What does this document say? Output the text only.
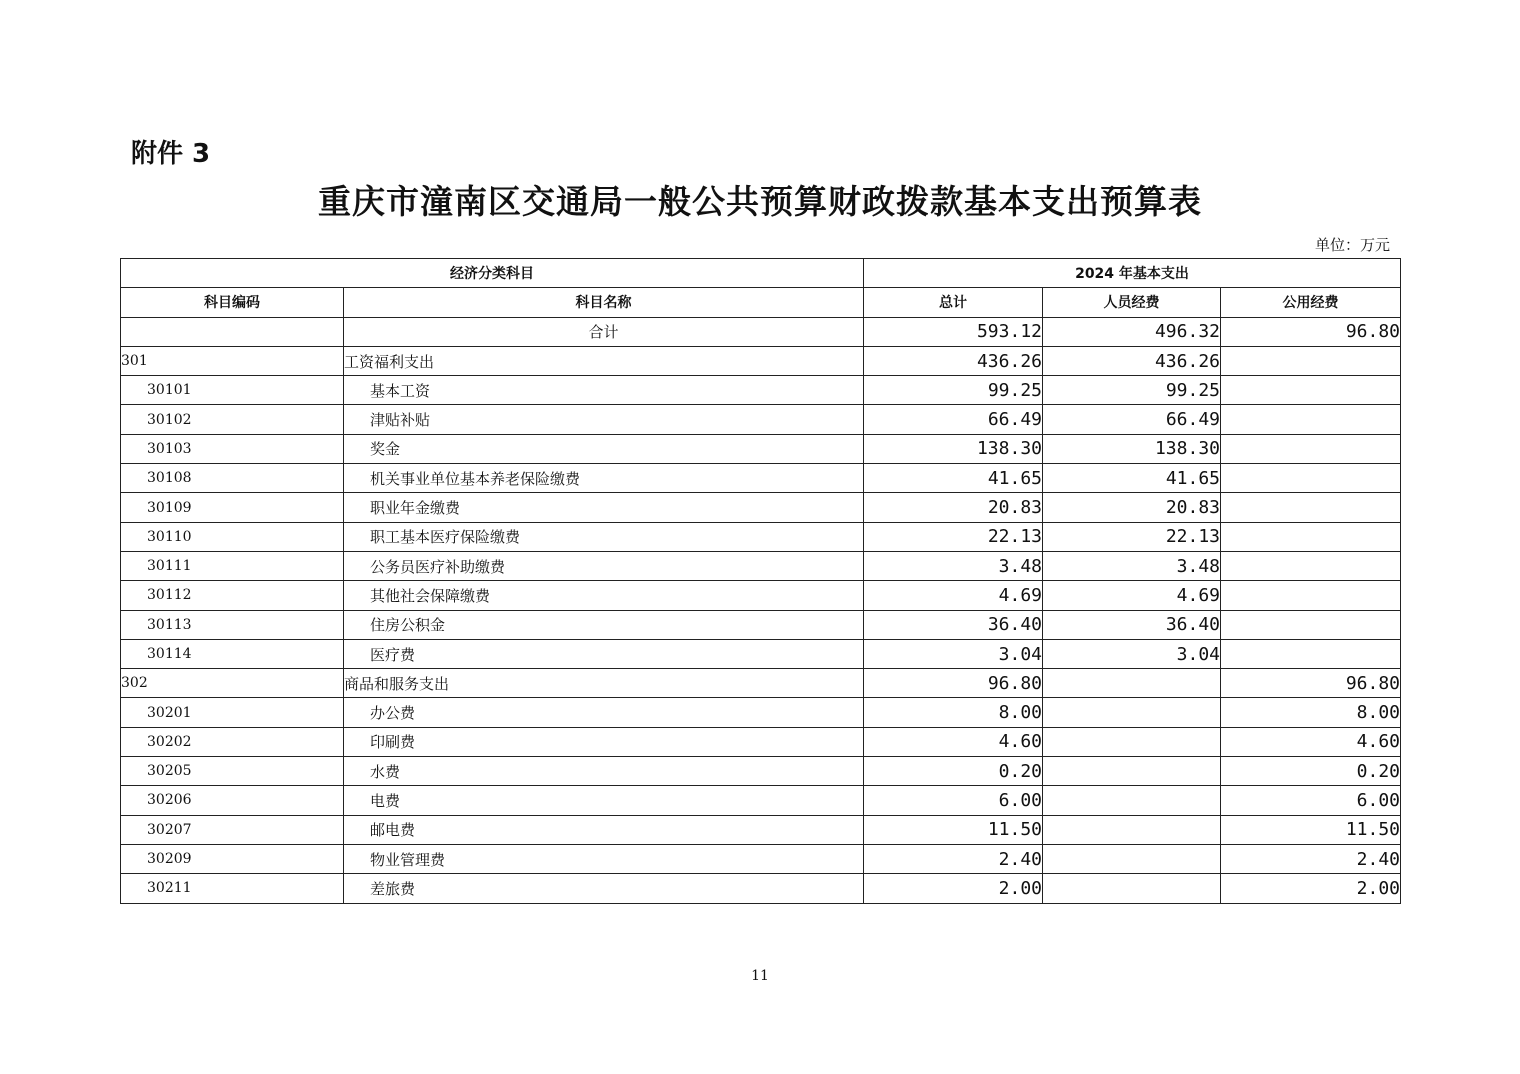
附件 3
重庆市潼南区交通局一般公共预算财政拨款基本支出预算表
单位：万元
经济分类科目		2024 年基本支出		
科目编码	科目名称	总计	人员经费	公用经费
	合计	593.12	496.32	96.80
301	工资福利支出	436.26	436.26	
30101	基本工资	99.25	99.25	
30102	津贴补贴	66.49	66.49	
30103	奖金	138.30	138.30	
30108	机关事业单位基本养老保险缴费	41.65	41.65	
30109	职业年金缴费	20.83	20.83	
30110	职工基本医疗保险缴费	22.13	22.13	
30111	公务员医疗补助缴费	3.48	3.48	
30112	其他社会保障缴费	4.69	4.69	
30113	住房公积金	36.40	36.40	
30114	医疗费	3.04	3.04	
302	商品和服务支出	96.80		96.80
30201	办公费	8.00		8.00
30202	印刷费	4.60		4.60
30205	水费	0.20		0.20
30206	电费	6.00		6.00
30207	邮电费	11.50		11.50
30209	物业管理费	2.40		2.40
30211	差旅费	2.00		2.00
11
